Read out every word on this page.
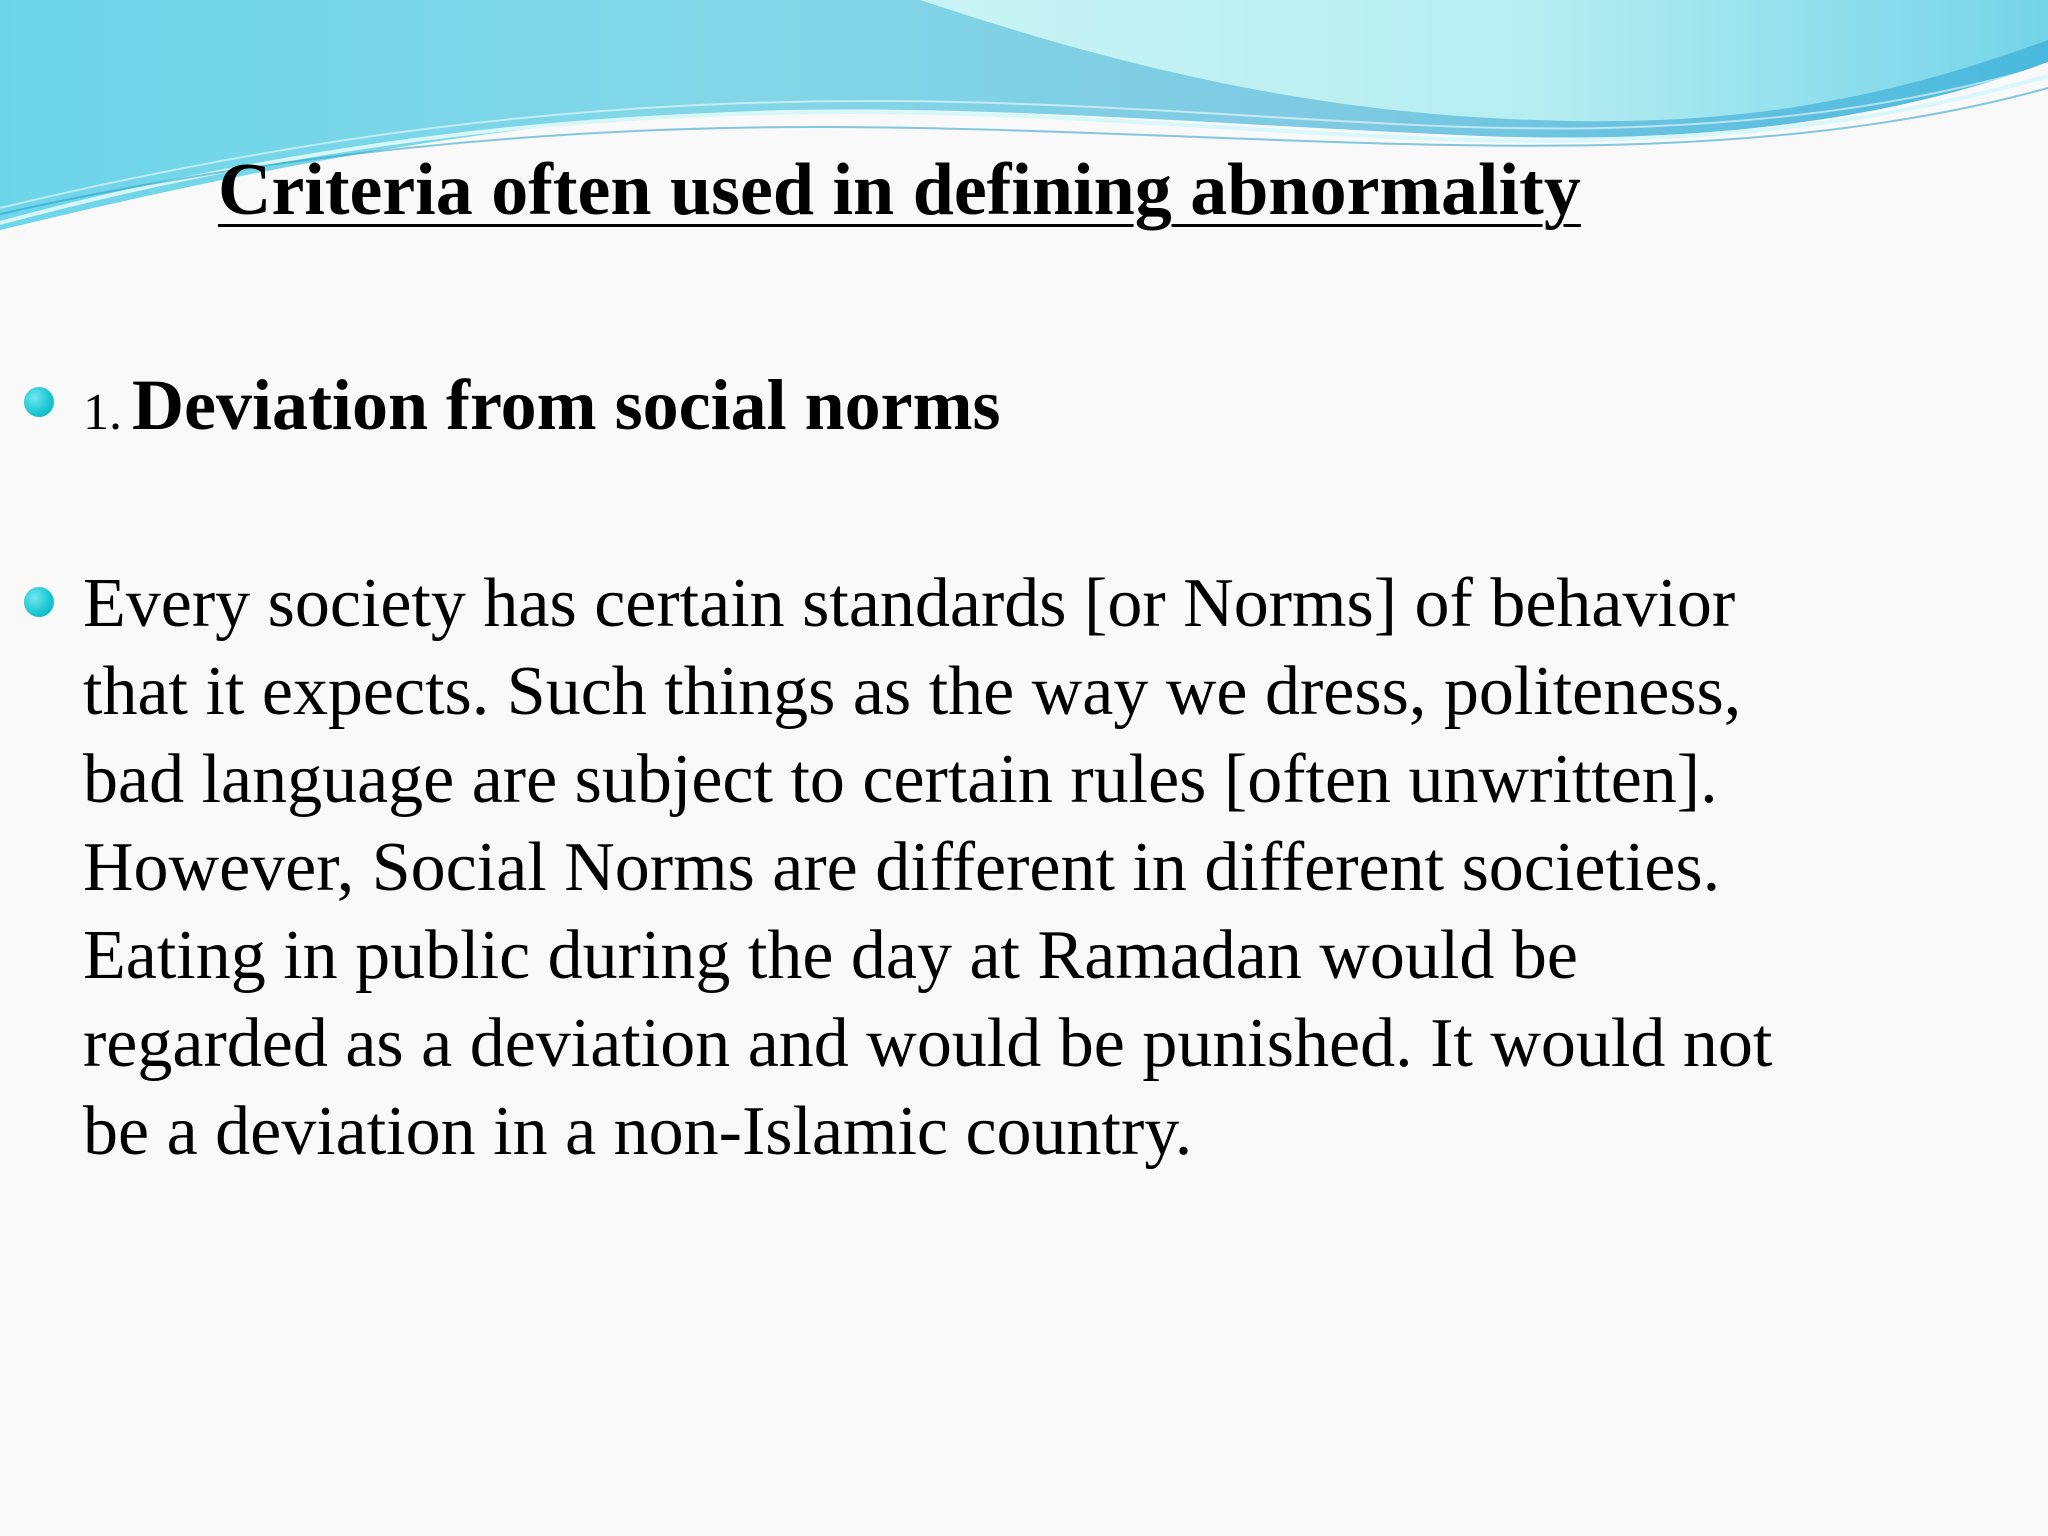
Criteria often used in defining abnormality
1. Deviation from social norms

Every society has certain standards [or Norms] of behavior
that it expects. Such things as the way we dress, politeness,
bad language are subject to certain rules [often unwritten].
However, Social Norms are different in different societies.
Eating in public during the day at Ramadan would be
regarded as a deviation and would be punished. It would not
be a deviation in a non-Islamic country.
